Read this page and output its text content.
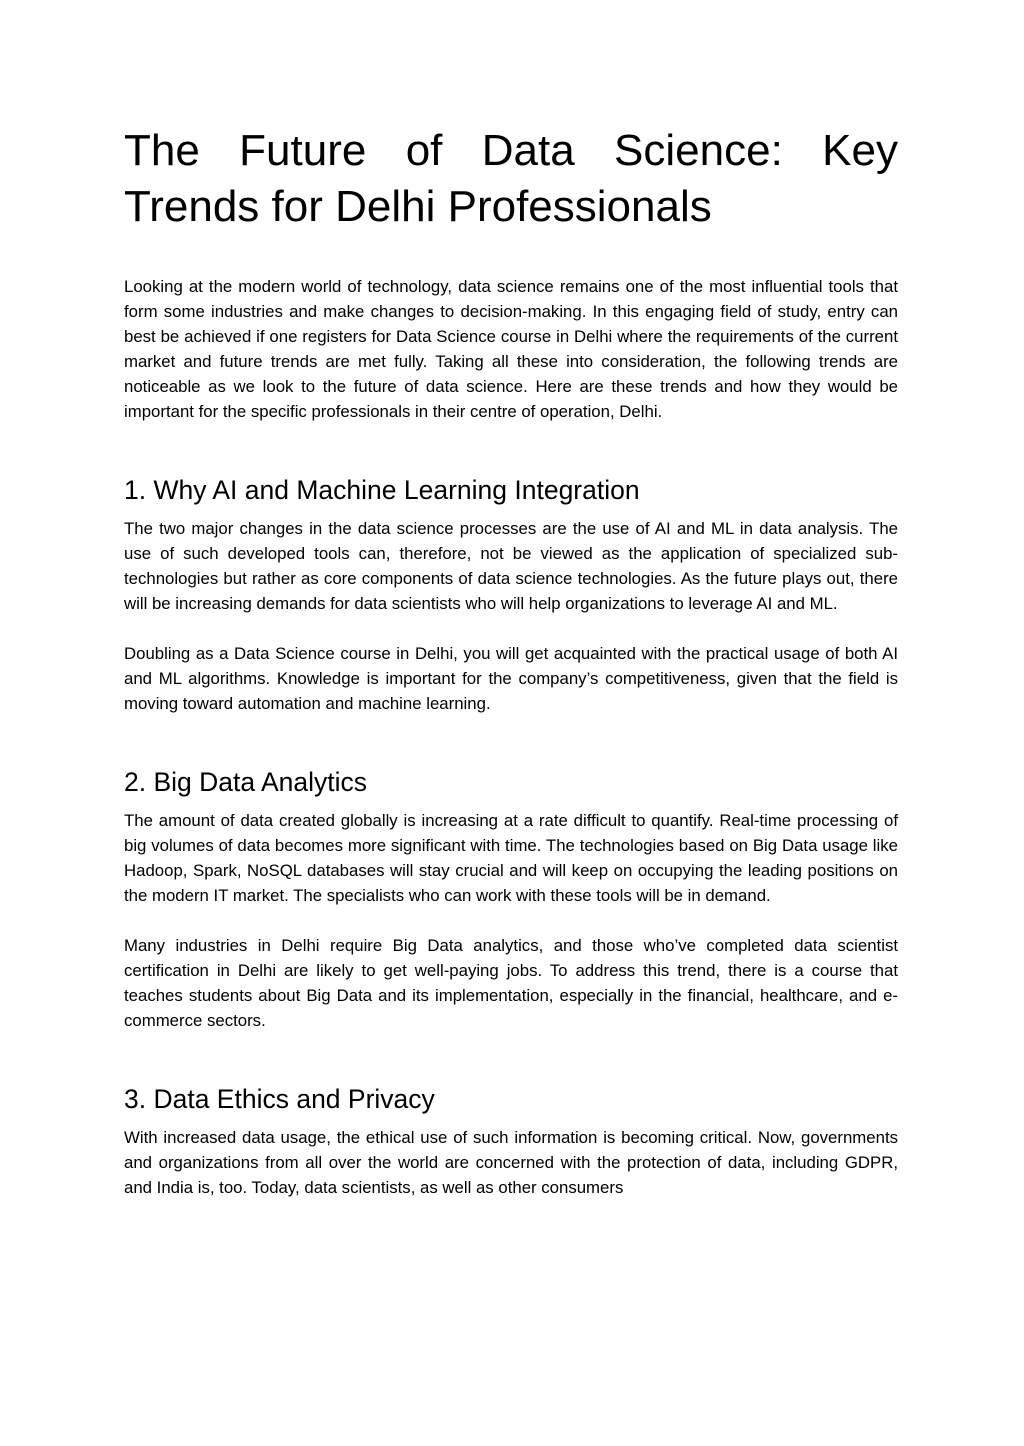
The Future of Data Science: Key Trends for Delhi Professionals

Looking at the modern world of technology, data science remains one of the most influential tools that form some industries and make changes to decision-making. In this engaging field of study, entry can best be achieved if one registers for Data Science course in Delhi where the requirements of the current market and future trends are met fully. Taking all these into consideration, the following trends are noticeable as we look to the future of data science. Here are these trends and how they would be important for the specific professionals in their centre of operation, Delhi.

1. Why AI and Machine Learning Integration

The two major changes in the data science processes are the use of AI and ML in data analysis. The use of such developed tools can, therefore, not be viewed as the application of specialized sub-technologies but rather as core components of data science technologies. As the future plays out, there will be increasing demands for data scientists who will help organizations to leverage AI and ML.

Doubling as a Data Science course in Delhi, you will get acquainted with the practical usage of both AI and ML algorithms. Knowledge is important for the company’s competitiveness, given that the field is moving toward automation and machine learning.

2. Big Data Analytics

The amount of data created globally is increasing at a rate difficult to quantify. Real-time processing of big volumes of data becomes more significant with time. The technologies based on Big Data usage like Hadoop, Spark, NoSQL databases will stay crucial and will keep on occupying the leading positions on the modern IT market. The specialists who can work with these tools will be in demand.

Many industries in Delhi require Big Data analytics, and those who’ve completed data scientist certification in Delhi are likely to get well-paying jobs. To address this trend, there is a course that teaches students about Big Data and its implementation, especially in the financial, healthcare, and e-commerce sectors.

3. Data Ethics and Privacy

With increased data usage, the ethical use of such information is becoming critical. Now, governments and organizations from all over the world are concerned with the protection of data, including GDPR, and India is, too. Today, data scientists, as well as other consumers
